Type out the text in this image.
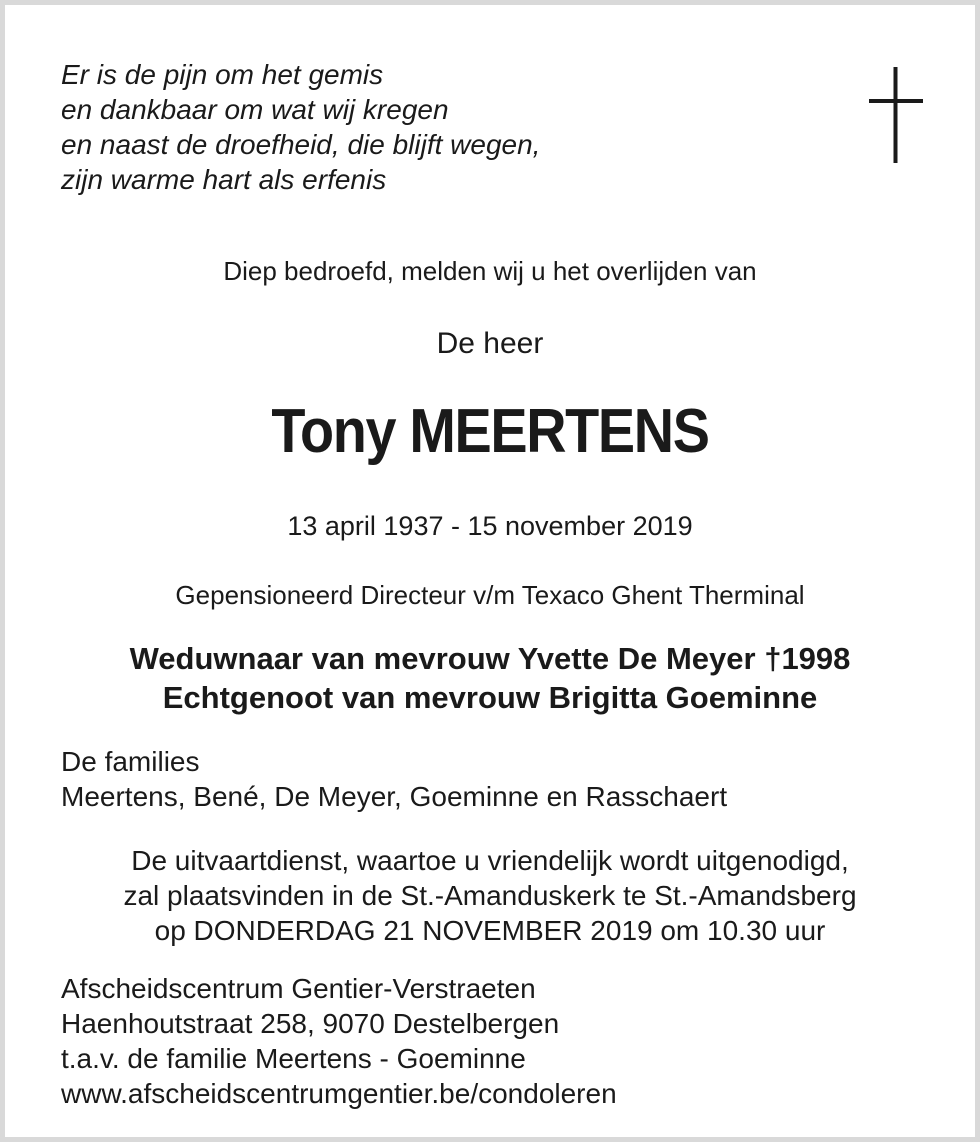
Er is de pijn om het gemis
en dankbaar om wat wij kregen
en naast de droefheid, die blijft wegen,
zijn warme hart als erfenis
Diep bedroefd, melden wij u het overlijden van
De heer
Tony MEERTENS
13 april 1937 - 15 november 2019
Gepensioneerd Directeur v/m Texaco Ghent Therminal
Weduwnaar van mevrouw Yvette De Meyer †1998
Echtgenoot van mevrouw Brigitta Goeminne
De families
Meertens, Bené, De Meyer, Goeminne en Rasschaert
De uitvaartdienst, waartoe u vriendelijk wordt uitgenodigd,
zal plaatsvinden in de St.-Amanduskerk te St.-Amandsberg
op DONDERDAG 21 NOVEMBER 2019 om 10.30 uur
Afscheidscentrum Gentier-Verstraeten
Haenhoutstraat 258, 9070 Destelbergen
t.a.v. de familie Meertens - Goeminne
www.afscheidscentrumgentier.be/condoleren
